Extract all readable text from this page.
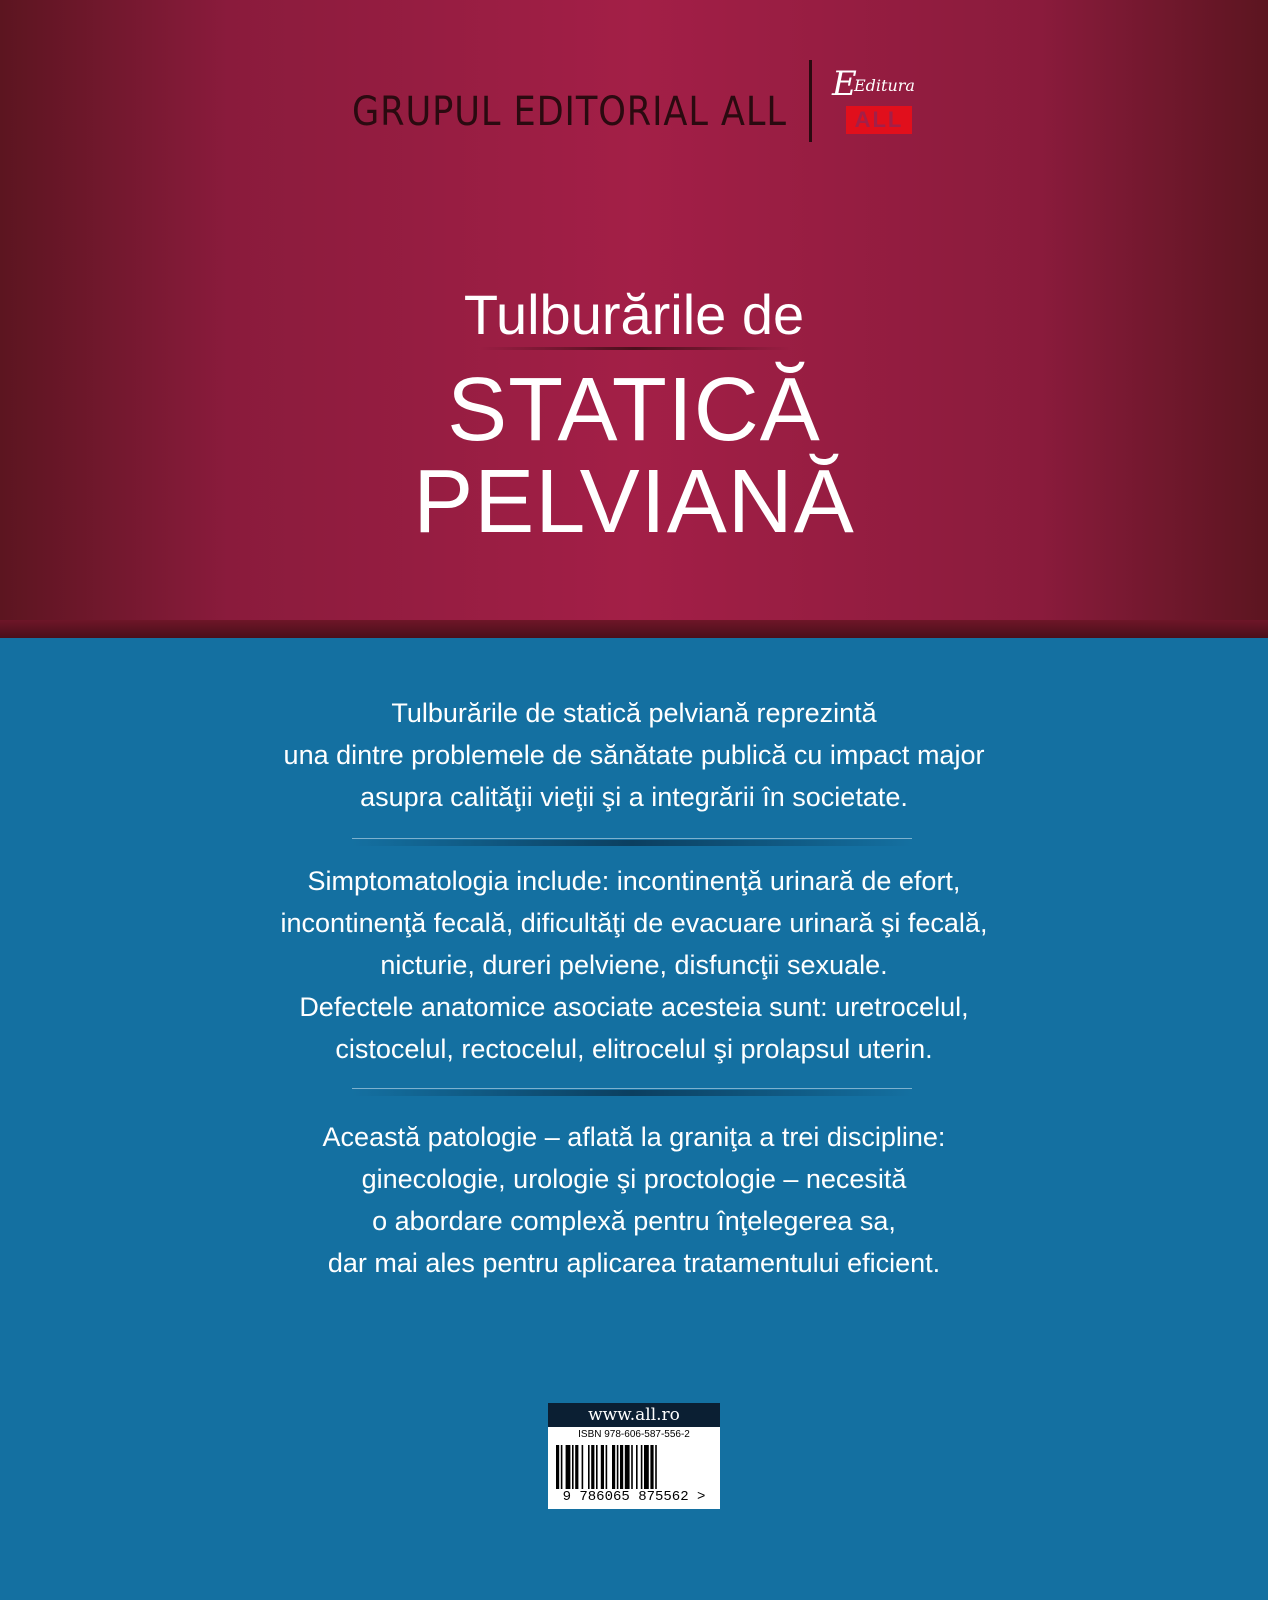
GRUPUL EDITORIAL ALL
E
Editura
ALL
Tulburările de
STATICĂ
PELVIANĂ
Tulburările de statică pelviană reprezintă
una dintre problemele de sănătate publică cu impact major
asupra calităţii vieţii şi a integrării în societate.
Simptomatologia include: incontinenţă urinară de efort,
incontinenţă fecală, dificultăţi de evacuare urinară şi fecală,
nicturie, dureri pelviene, disfuncţii sexuale.
Defectele anatomice asociate acesteia sunt: uretrocelul,
cistocelul, rectocelul, elitrocelul şi prolapsul uterin.
Această patologie – aflată la graniţa a trei discipline:
ginecologie, urologie şi proctologie – necesită
o abordare complexă pentru înţelegerea sa,
dar mai ales pentru aplicarea tratamentului eficient.
www.all.ro
ISBN 978-606-587-556-2
9 786065 875562 >
